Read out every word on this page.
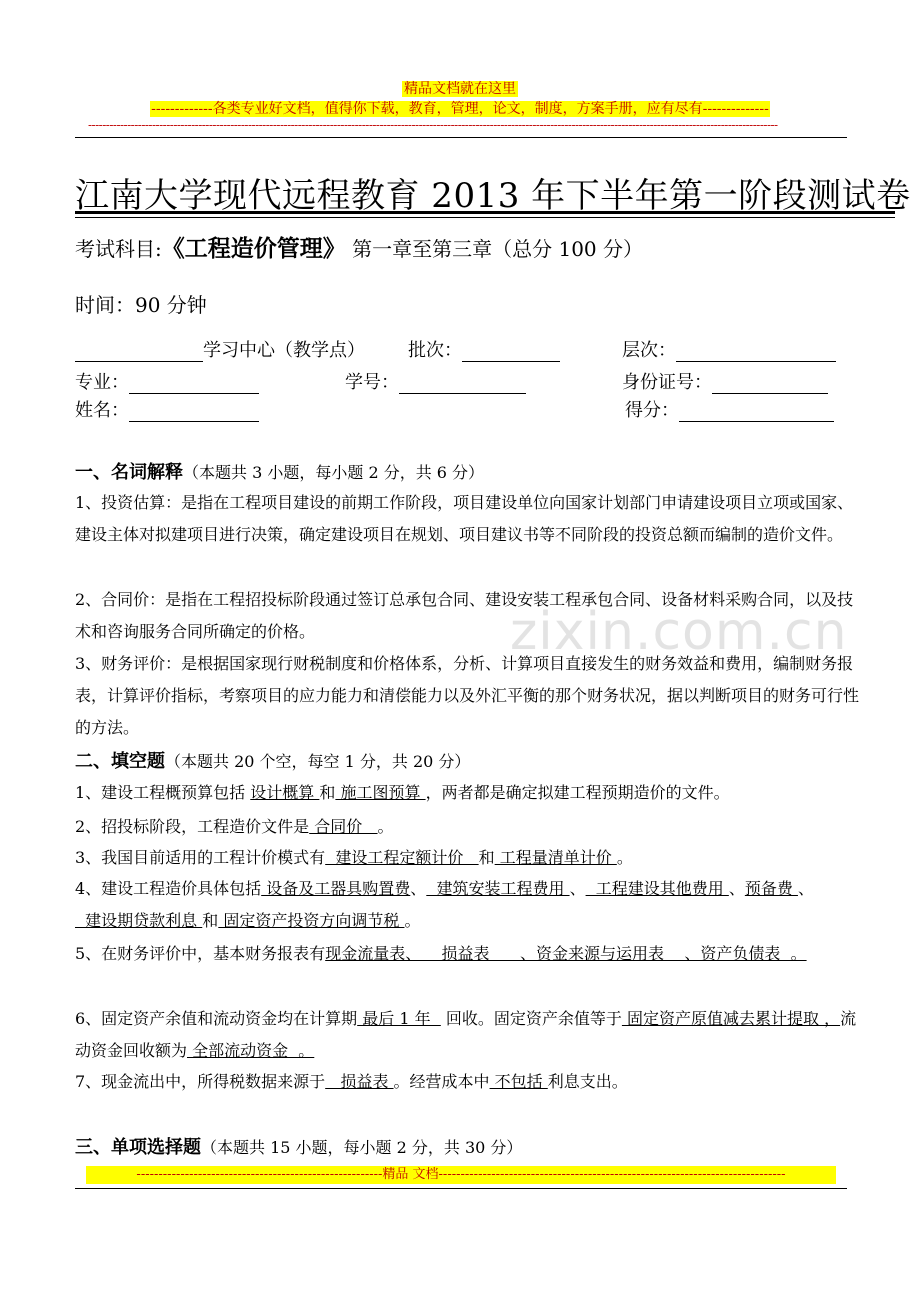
精品文档就在这里
-------------各类专业好文档，值得你下载，教育，管理，论文，制度，方案手册，应有尽有--------------
--------------------------------------------------------------------------------------------------------------------------------------------------------------------------------------------------
江南大学现代远程教育 2013 年下半年第一阶段测试卷
考试科目:《工程造价管理》 第一章至第三章（总分 100 分）
时间：90 分钟
学习中心（教学点） 批次：	层次：
专业：	学号：	身份证号：
姓名：	得分：
zixin.com.cn
一、名词解释（本题共 3 小题，每小题 2 分，共 6 分）
1、投资估算：是指在工程项目建设的前期工作阶段，项目建设单位向国家计划部门申请建设项目立项或国家、建设主体对拟建项目进行决策，确定建设项目在规划、项目建议书等不同阶段的投资总额而编制的造价文件。
2、合同价：是指在工程招投标阶段通过签订总承包合同、建设安装工程承包合同、设备材料采购合同，以及技术和咨询服务合同所确定的价格。
3、财务评价：是根据国家现行财税制度和价格体系，分析、计算项目直接发生的财务效益和费用，编制财务报表，计算评价指标，考察项目的应力能力和清偿能力以及外汇平衡的那个财务状况，据以判断项目的财务可行性的方法。
二、填空题（本题共 20 个空，每空 1 分，共 20 分）
1、建设工程概预算包括 设计概算 和 施工图预算 ，两者都是确定拟建工程预期造价的文件。
2、招投标阶段，工程造价文件是 合同价   。
3、我国目前适用的工程计价模式有  建设工程定额计价   和 工程量清单计价 。
4、建设工程造价具体包括 设备及工器具购置费、  建筑安装工程费用 、  工程建设其他费用 、预备费 、  建设期贷款利息 和 固定资产投资方向调节税 。
5、在财务评价中，基本财务报表有现金流量表、    损益表      、资金来源与运用表    、资产负债表  。
6、固定资产余值和流动资金均在计算期 最后 1 年   回收。固定资产余值等于 固定资产原值减去累计提取 ，流动资金回收额为 全部流动资金  。
7、现金流出中，所得税数据来源于   损益表 。经营成本中 不包括 利息支出。
三、单项选择题（本题共 15 小题，每小题 2 分，共 30 分）
--------------------------------------------------------精品 文档-------------------------------------------------------------------------------
